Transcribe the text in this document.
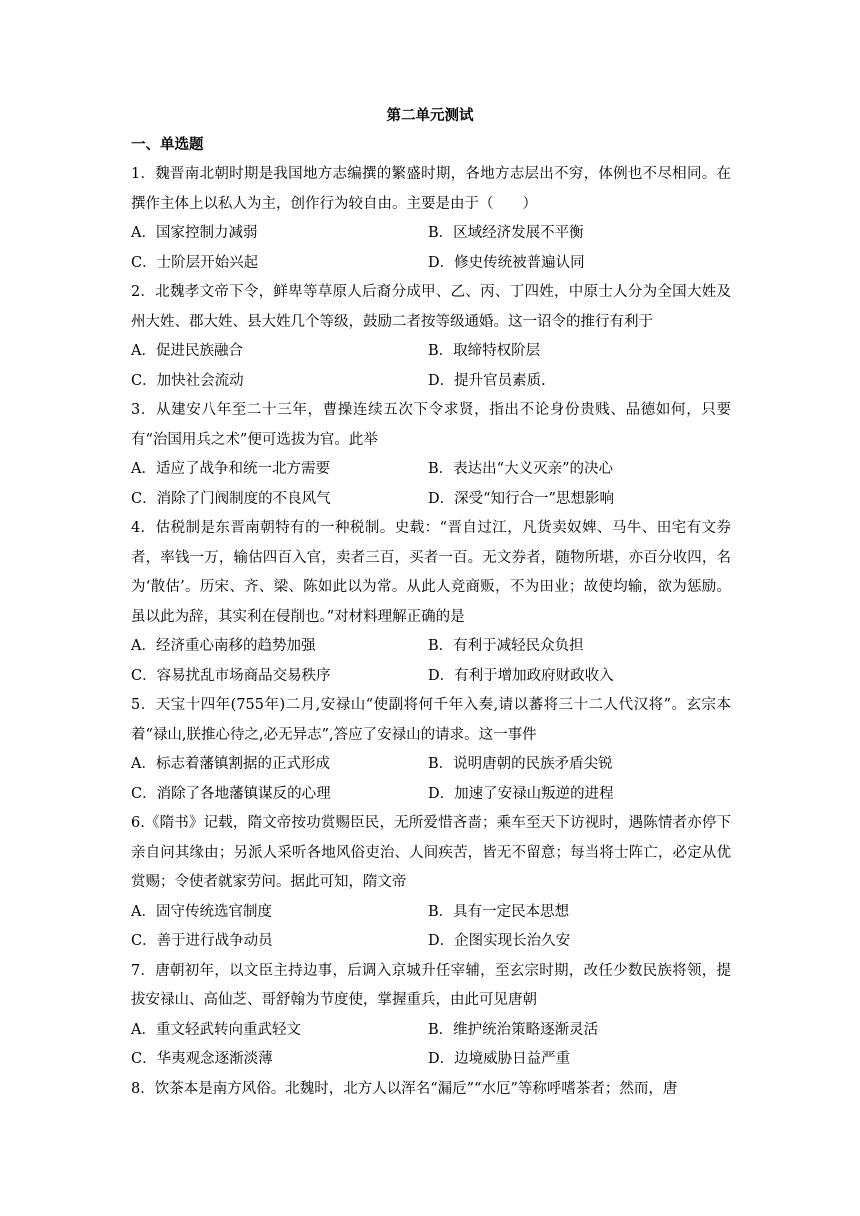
第二单元测试
一、单选题
1．魏晋南北朝时期是我国地方志编撰的繁盛时期，各地方志层出不穷，体例也不尽相同。在撰作主体上以私人为主，创作行为较自由。主要是由于（　　）
A．国家控制力减弱	B．区域经济发展不平衡
C．士阶层开始兴起	D．修史传统被普遍认同
2．北魏孝文帝下令，鲜卑等草原人后裔分成甲、乙、丙、丁四姓，中原士人分为全国大姓及州大姓、郡大姓、县大姓几个等级，鼓励二者按等级通婚。这一诏令的推行有利于
A．促进民族融合	B．取缔特权阶层
C．加快社会流动	D．提升官员素质.
3．从建安八年至二十三年，曹操连续五次下令求贤，指出不论身份贵贱、品德如何，只要有“治国用兵之术”便可选拔为官。此举
A．适应了战争和统一北方需要	B．表达出“大义灭亲”的决心
C．消除了门阀制度的不良风气	D．深受“知行合一”思想影响
4．估税制是东晋南朝特有的一种税制。史载：“晋自过江，凡货卖奴婢、马牛、田宅有文券者，率钱一万，输估四百入官，卖者三百，买者一百。无文券者，随物所堪，亦百分收四，名为‘散估’。历宋、齐、梁、陈如此以为常。从此人竞商贩，不为田业；故使均输，欲为惩励。虽以此为辞，其实利在侵削也。”对材料理解正确的是
A．经济重心南移的趋势加强	B．有利于减轻民众负担
C．容易扰乱市场商品交易秩序	D．有利于增加政府财政收入
5．天宝十四年(755年)二月,安禄山“使副将何千年入奏,请以蕃将三十二人代汉将”。玄宗本着“禄山,朕推心待之,必无异志”,答应了安禄山的请求。这一事件
A．标志着藩镇割据的正式形成	B．说明唐朝的民族矛盾尖锐
C．消除了各地藩镇谋反的心理	D．加速了安禄山叛逆的进程
6.《隋书》记载，隋文帝按功赏赐臣民，无所爱惜吝啬；乘车至天下访视时，遇陈情者亦停下亲自问其缘由；另派人采听各地风俗吏治、人间疾苦，皆无不留意；每当将士阵亡，必定从优赏赐；令使者就家劳问。据此可知，隋文帝
A．固守传统选官制度	B．具有一定民本思想
C．善于进行战争动员	D．企图实现长治久安
7．唐朝初年，以文臣主持边事，后调入京城升任宰辅，至玄宗时期，改任少数民族将领，提拔安禄山、高仙芝、哥舒翰为节度使，掌握重兵，由此可见唐朝
A．重文轻武转向重武轻文	B．维护统治策略逐渐灵活
C．华夷观念逐渐淡薄	D．边境威胁日益严重
8．饮茶本是南方风俗。北魏时，北方人以浑名“漏卮”“水厄”等称呼嗜茶者；然而，唐
